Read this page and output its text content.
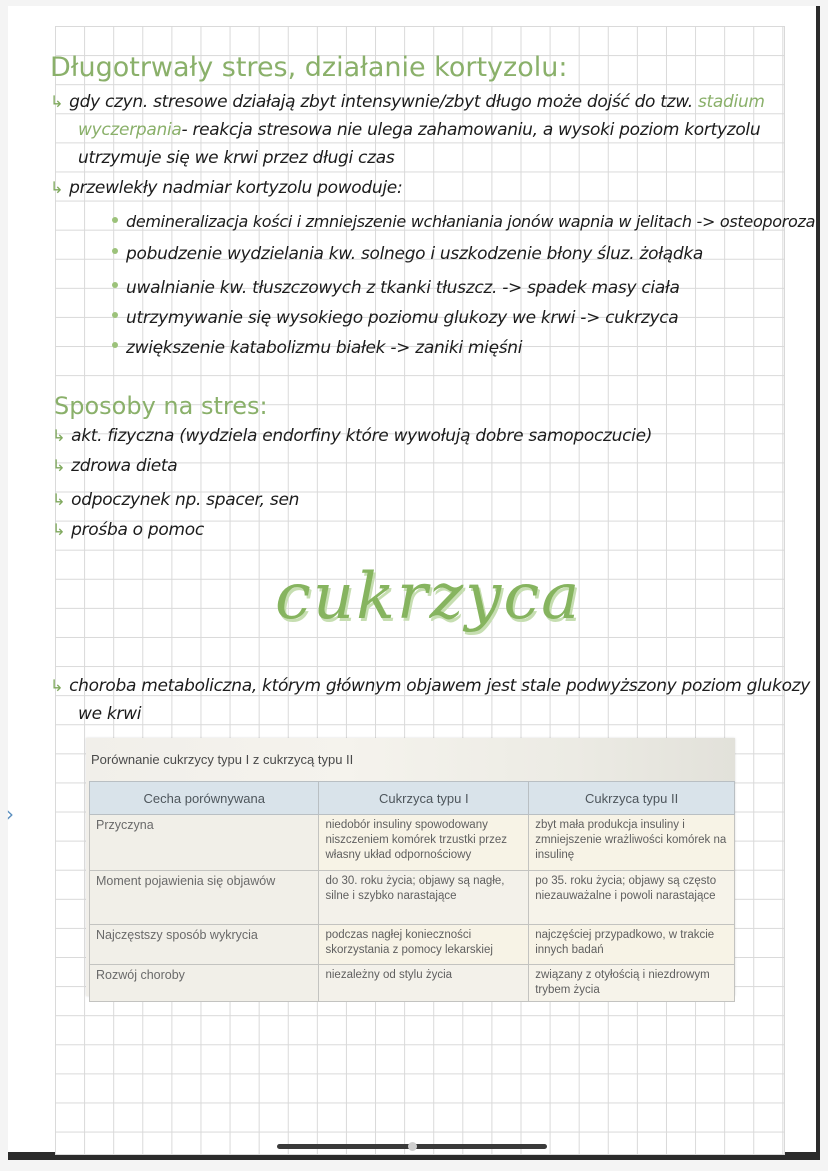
Długotrwały stres, działanie kortyzolu:
↳ gdy czyn. stresowe działają zbyt intensywnie/zbyt długo może dojść do tzw. stadium
wyczerpania- reakcja stresowa nie ulega zahamowaniu, a wysoki poziom kortyzolu
utrzymuje się we krwi przez długi czas
↳ przewlekły nadmiar kortyzolu powoduje:
demineralizacja kości i zmniejszenie wchłaniania jonów wapnia w jelitach -> osteoporoza
pobudzenie wydzielania kw. solnego i uszkodzenie błony śluz. żołądka
uwalnianie kw. tłuszczowych z tkanki tłuszcz. -> spadek masy ciała
utrzymywanie się wysokiego poziomu glukozy we krwi -> cukrzyca
zwiększenie katabolizmu białek -> zaniki mięśni
Sposoby na stres:
↳ akt. fizyczna (wydziela endorfiny które wywołują dobre samopoczucie)
↳ zdrowa dieta
↳ odpoczynek np. spacer, sen
↳ prośba o pomoc
cukrzyca
↳ choroba metaboliczna, którym głównym objawem jest stale podwyższony poziom glukozy
we krwi
Porównanie cukrzycy typu I z cukrzycą typu II
Cecha porównywana	Cukrzyca typu I	Cukrzyca typu II
Przyczyna	niedobór insuliny spowodowany niszczeniem komórek trzustki przez własny układ odpornościowy	zbyt mała produkcja insuliny i zmniejszenie wrażliwości komórek na insulinę
Moment pojawienia się objawów	do 30. roku życia; objawy są nagłe, silne i szybko narastające	po 35. roku życia; objawy są często niezauważalne i powoli narastające
Najczęstszy sposób wykrycia	podczas nagłej konieczności skorzystania z pomocy lekarskiej	najczęściej przypadkowo, w trakcie innych badań
Rozwój choroby	niezależny od stylu życia	związany z otyłością i niezdrowym trybem życia
›
